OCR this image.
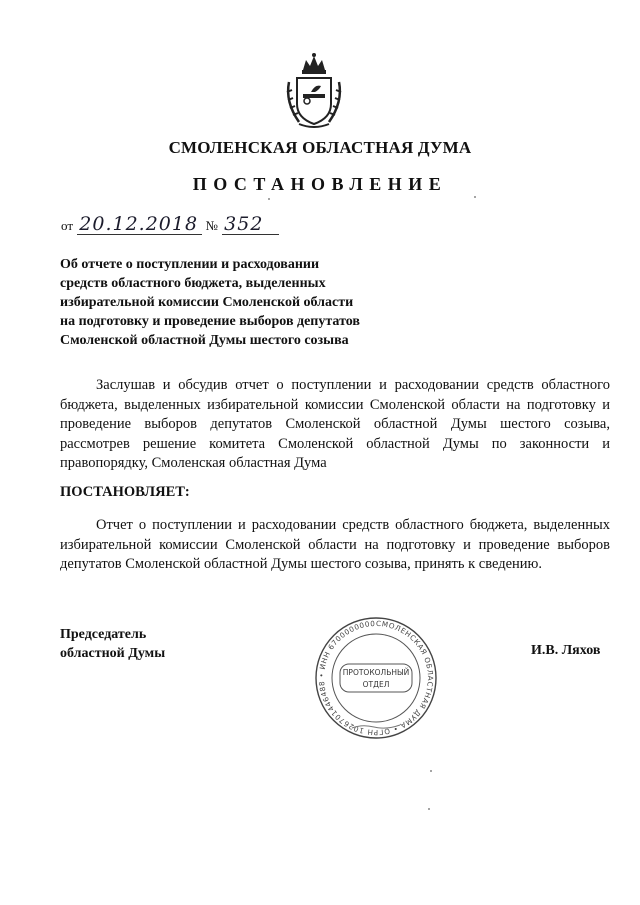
СМОЛЕНСКАЯ ОБЛАСТНАЯ ДУМА
ПОСТАНОВЛЕНИЕ
от 20.12.2018 № 352
Об отчете о поступлении и расходовании
средств областного бюджета, выделенных
избирательной комиссии Смоленской области
на подготовку и проведение выборов депутатов
Смоленской областной Думы шестого созыва
Заслушав и обсудив отчет о поступлении и расходовании средств областного бюджета, выделенных избирательной комиссии Смоленской области на подготовку и проведение выборов депутатов Смоленской областной Думы шестого созыва, рассмотрев решение комитета Смоленской областной Думы по законности и правопорядку, Смоленская областная Дума
ПОСТАНОВЛЯЕТ:
Отчет о поступлении и расходовании средств областного бюджета, выделенных избирательной комиссии Смоленской области на подготовку и проведение выборов депутатов Смоленской областной Думы шестого созыва, принять к сведению.
Председатель
областной Думы	И.В. Ляхов
СМОЛЕНСКАЯ ОБЛАСТНАЯ ДУМА • ОГРН 1026701446488 • ИНН 6700000000
ПРОТОКОЛЬНЫЙ
ОТДЕЛ
